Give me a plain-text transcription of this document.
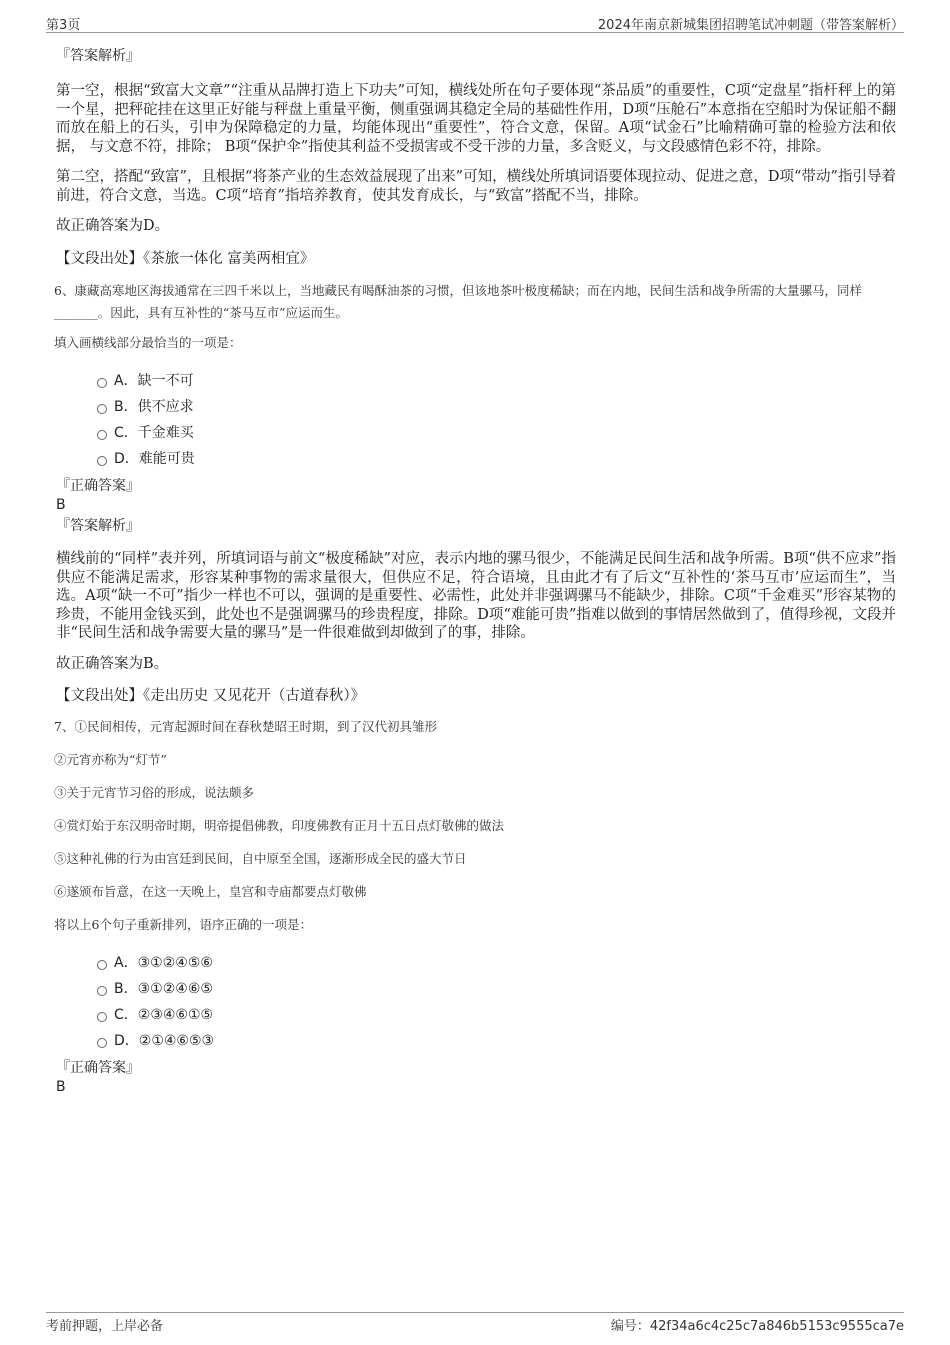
第3页	2024年南京新城集团招聘笔试冲刺题（带答案解析）

『答案解析』

第一空，根据“致富大文章”“注重从品牌打造上下功夫”可知，横线处所在句子要体现“茶品质”的重要性，C项“定盘星”指杆秤上的第一个星，把秤砣挂在这里正好能与秤盘上重量平衡，侧重强调其稳定全局的基础性作用，D项“压舱石”本意指在空船时为保证船不翻而放在船上的石头，引申为保障稳定的力量，均能体现出“重要性”，符合文意，保留。A项“试金石”比喻精确可靠的检验方法和依据， 与文意不符，排除； B项“保护伞”指使其利益不受损害或不受干涉的力量，多含贬义，与文段感情色彩不符，排除。

第二空，搭配“致富”，且根据“将茶产业的生态效益展现了出来”可知，横线处所填词语要体现拉动、促进之意，D项“带动”指引导着前进，符合文意，当选。C项“培育”指培养教育，使其发育成长，与“致富”搭配不当，排除。

故正确答案为D。

【文段出处】《茶旅一体化 富美两相宜》

6、康藏高寒地区海拔通常在三四千米以上，当地藏民有喝酥油茶的习惯，但该地茶叶极度稀缺；而在内地，民间生活和战争所需的大量骡马，同样_______。因此，具有互补性的“茶马互市”应运而生。

填入画横线部分最恰当的一项是：

A．缺一不可
B．供不应求
C．千金难买
D．难能可贵

『正确答案』

B

『答案解析』

横线前的“同样”表并列，所填词语与前文“极度稀缺”对应，表示内地的骡马很少，不能满足民间生活和战争所需。B项“供不应求”指供应不能满足需求，形容某种事物的需求量很大，但供应不足，符合语境，且由此才有了后文“互补性的‘茶马互市’应运而生”，当选。A项“缺一不可”指少一样也不可以，强调的是重要性、必需性，此处并非强调骡马不能缺少，排除。C项“千金难买”形容某物的珍贵，不能用金钱买到，此处也不是强调骡马的珍贵程度，排除。D项“难能可贵”指难以做到的事情居然做到了，值得珍视，文段并非“民间生活和战争需要大量的骡马”是一件很难做到却做到了的事，排除。

故正确答案为B。

【文段出处】《走出历史 又见花开（古道春秋）》

7、①民间相传，元宵起源时间在春秋楚昭王时期，到了汉代初具雏形

②元宵亦称为“灯节”

③关于元宵节习俗的形成，说法颇多

④赏灯始于东汉明帝时期，明帝提倡佛教，印度佛教有正月十五日点灯敬佛的做法

⑤这种礼佛的行为由宫廷到民间，自中原至全国，逐渐形成全民的盛大节日

⑥遂颁布旨意，在这一天晚上，皇宫和寺庙都要点灯敬佛

将以上6个句子重新排列，语序正确的一项是：

A．③①②④⑤⑥
B．③①②④⑥⑤
C．②③④⑥①⑤
D．②①④⑥⑤③

『正确答案』

B

考前押题，上岸必备	编号：42f34a6c4c25c7a846b5153c9555ca7e
